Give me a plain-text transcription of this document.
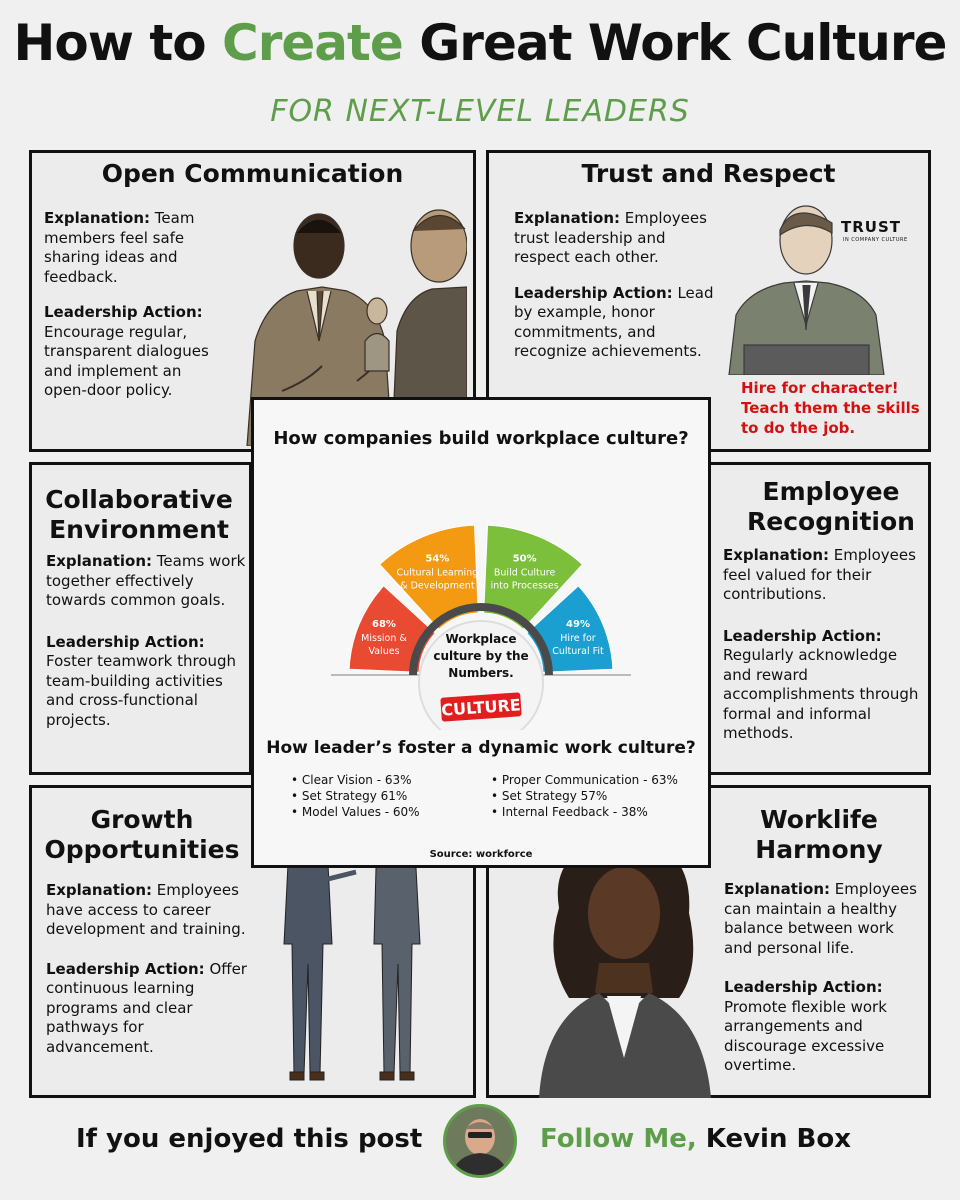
How to Create Great Work Culture
FOR NEXT-LEVEL LEADERS
Open Communication

Explanation: Team members feel safe sharing ideas and feedback.

Leadership Action: Encourage regular, transparent dialogues and implement an open-door policy.

Trust and Respect

Explanation: Employees trust leadership and respect each other.

Leadership Action: Lead by example, honor commitments, and recognize achievements.

TRUST
IN COMPANY CULTURE
Hire for character! Teach them the skills to do the job.
Collaborative Environment

Explanation: Teams work together effectively towards common goals.

Leadership Action: Foster teamwork through team-building activities and cross-functional projects.

Employee Recognition

Explanation: Employees feel valued for their contributions.

Leadership Action: Regularly acknowledge and reward accomplishments through formal and informal methods.

Growth Opportunities

Explanation: Employees have access to career development and training.

Leadership Action: Offer continuous learning programs and clear pathways for advancement.

Worklife Harmony

Explanation: Employees can maintain a healthy balance between work and personal life.

Leadership Action: Promote flexible work arrangements and discourage excessive overtime.

How companies build workplace culture?
68%
Mission &
Values
54%
Cultural Learning
& Development
50%
Build Culture
into Processes
49%
Hire for
Cultural Fit
Workplace
culture by the
Numbers.
CULTURE
How leader’s foster a dynamic work culture?
• Clear Vision - 63%
• Set Strategy 61%
• Model Values - 60%
• Proper Communication - 63%
• Set Strategy 57%
• Internal Feedback - 38%
Source: workforce
If you enjoyed this post	Follow Me, Kevin Box
